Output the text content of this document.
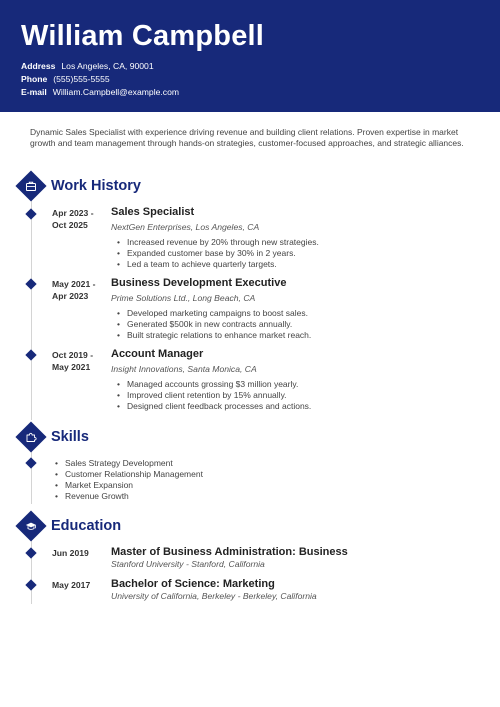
William Campbell
Address Los Angeles, CA, 90001
Phone (555)555-5555
E-mail William.Campbell@example.com

Dynamic Sales Specialist with experience driving revenue and building client relations. Proven expertise in market growth and team management through hands-on strategies, customer-focused approaches, and strategic alliances.

Work History
Apr 2023 -
Oct 2025
Sales Specialist
NextGen Enterprises, Los Angeles, CA
• Increased revenue by 20% through new strategies.
• Expanded customer base by 30% in 2 years.
• Led a team to achieve quarterly targets.
May 2021 -
Apr 2023
Business Development Executive
Prime Solutions Ltd., Long Beach, CA
• Developed marketing campaigns to boost sales.
• Generated $500k in new contracts annually.
• Built strategic relations to enhance market reach.
Oct 2019 -
May 2021
Account Manager
Insight Innovations, Santa Monica, CA
• Managed accounts grossing $3 million yearly.
• Improved client retention by 15% annually.
• Designed client feedback processes and actions.
Skills
• Sales Strategy Development
• Customer Relationship Management
• Market Expansion
• Revenue Growth
Education
Jun 2019 Master of Business Administration: Business
Stanford University - Stanford, California
May 2017 Bachelor of Science: Marketing
University of California, Berkeley - Berkeley, California
